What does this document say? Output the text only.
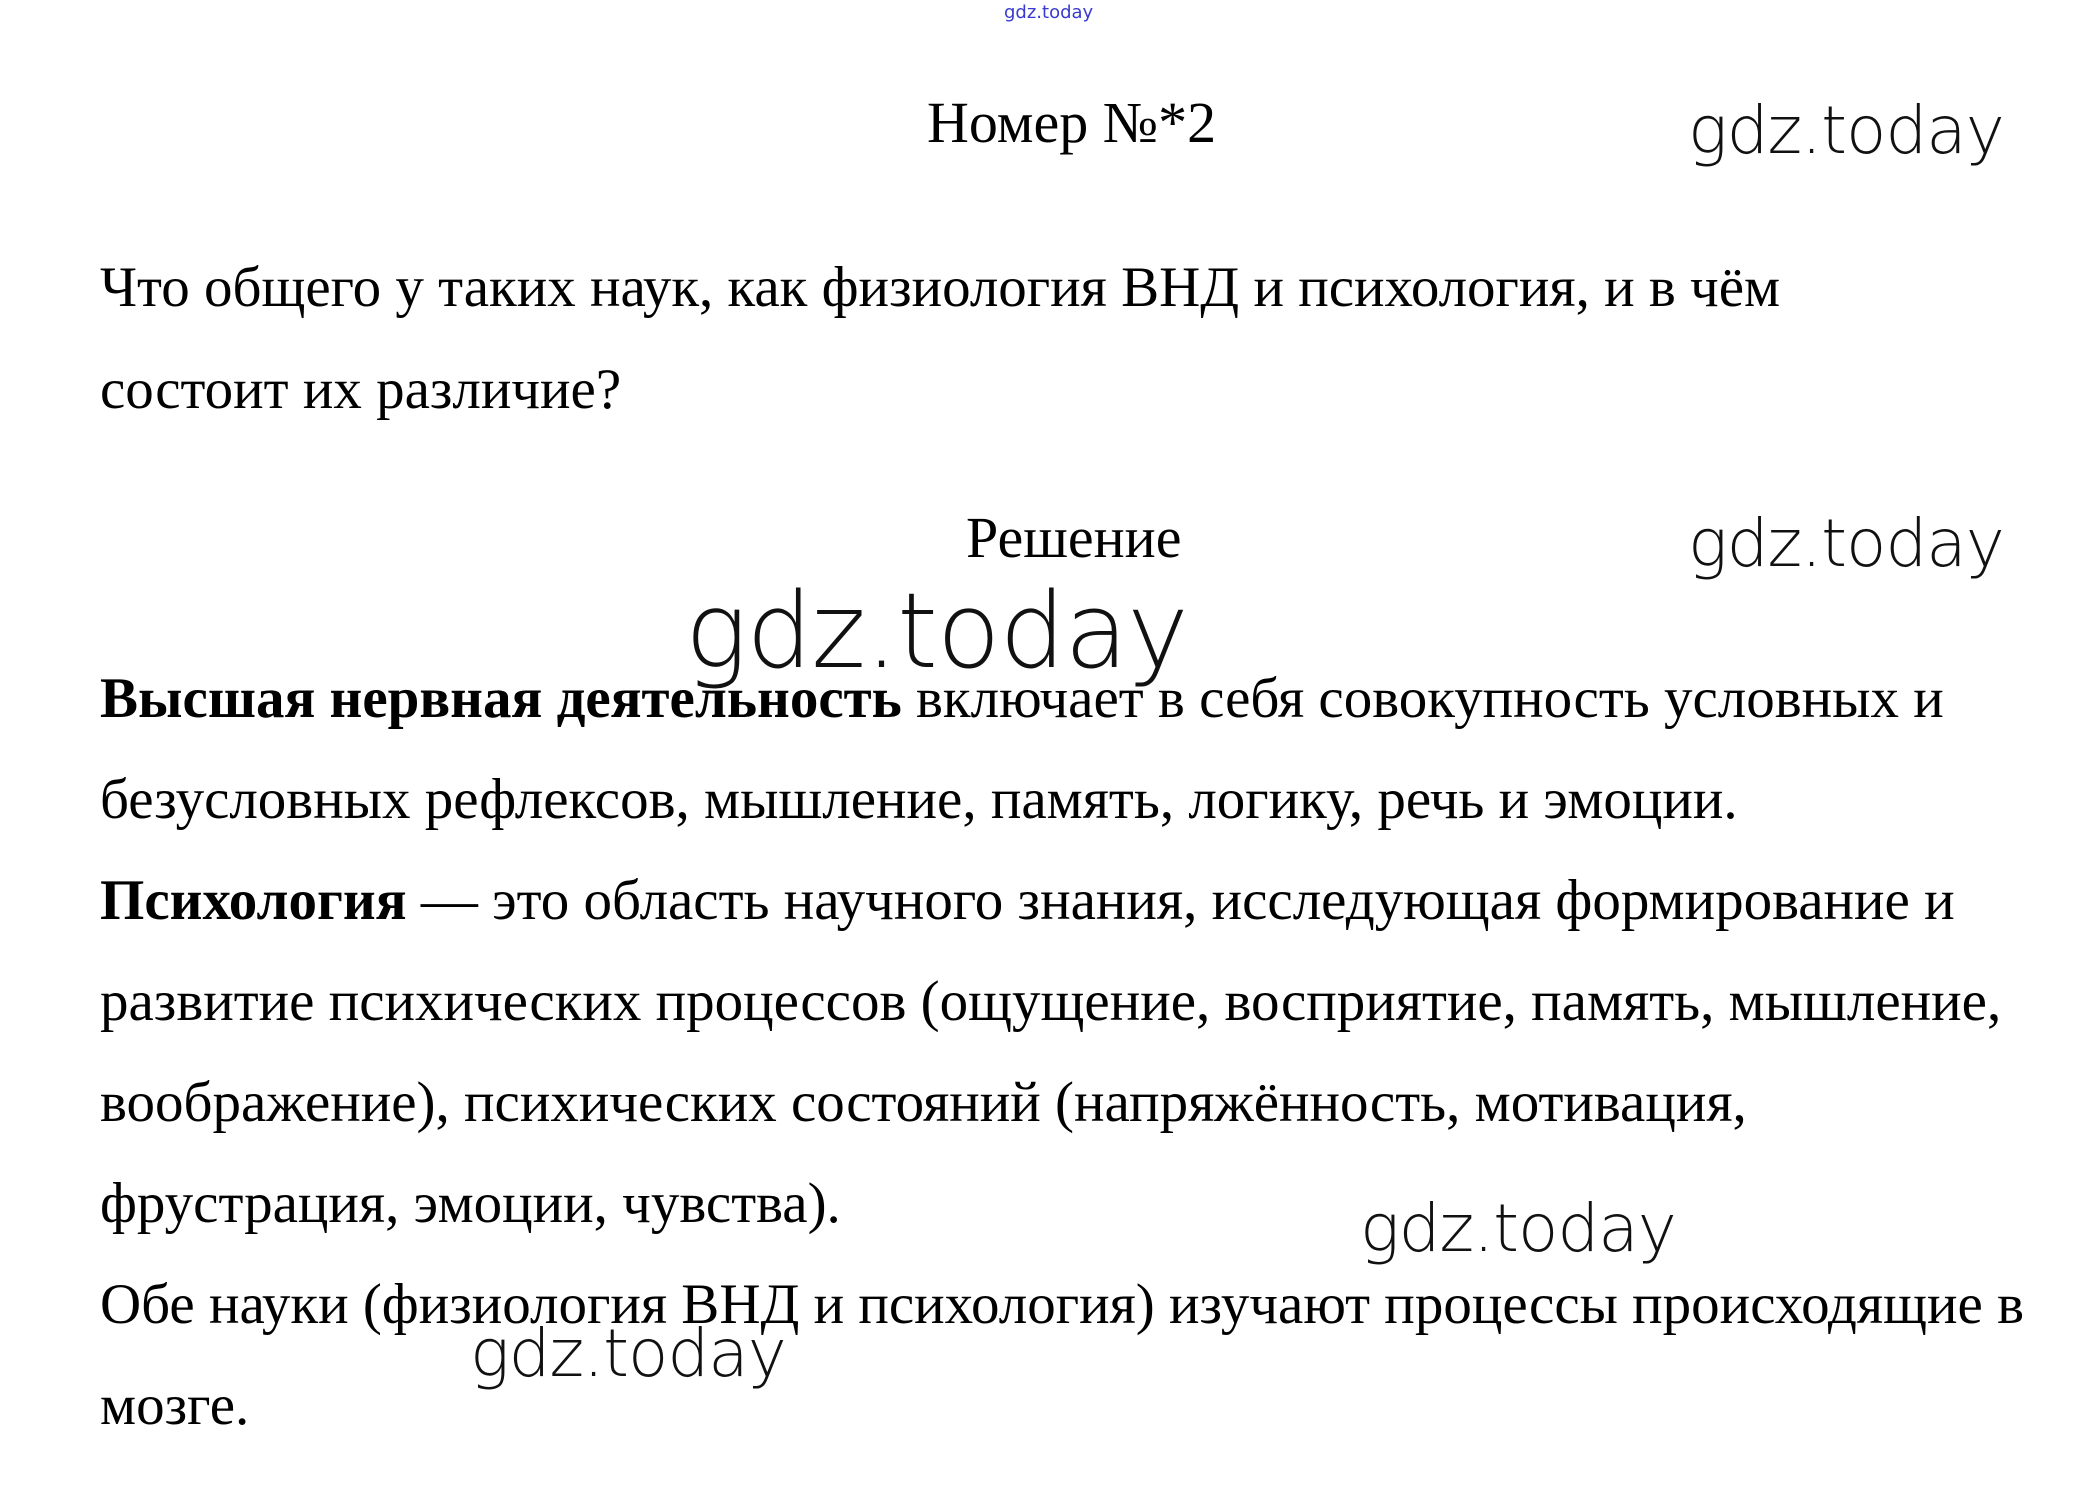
gdz.today
Номер №*2

Что общего у таких наук, как физиология ВНД и психология, и в чём состоит их различие?

Решение

Высшая нервная деятельность включает в себя совокупность условных и безусловных рефлексов, мышление, память, логику, речь и эмоции.

Психология — это область научного знания, исследующая формирование и развитие психических процессов (ощущение, восприятие, память, мышление, воображение), психических состояний (напряжённость, мотивация, фрустрация, эмоции, чувства).

Обе науки (физиология ВНД и психология) изучают процессы происходящие в мозге.

gdz.today
gdz.today
gdz.today
gdz.today
gdz.today
